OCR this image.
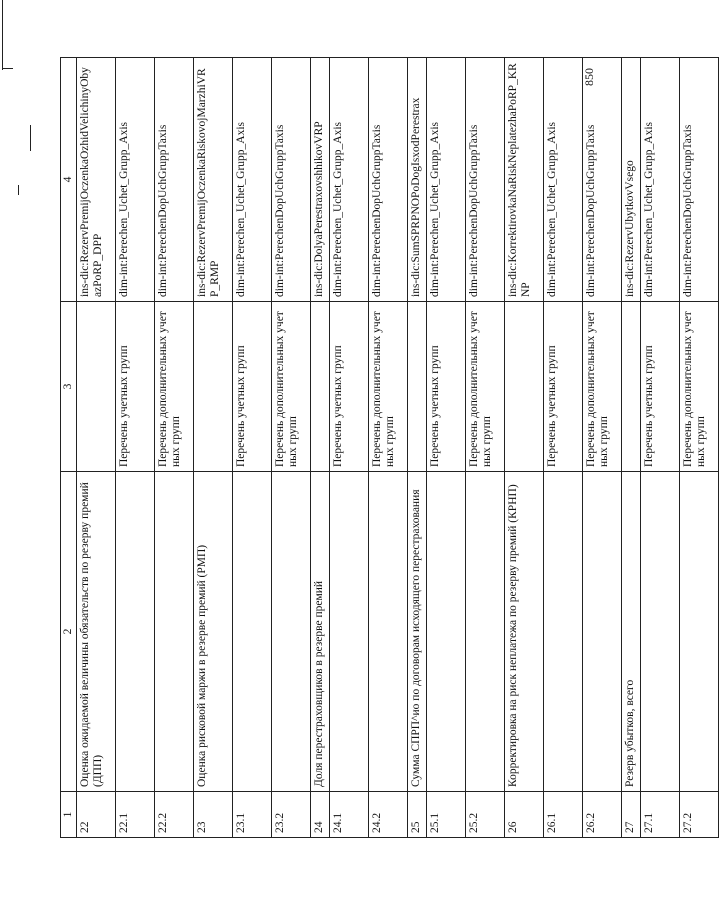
850
1	2	3	4
22	Оценка ожидаемой величины обязательств по резерву премий (ДПП)		ins-dic:RezervPremijOczenkaOzhidVelichinyObyazPoRP_DPP
22.1		Перечень учетных групп	dim-int:Perechen_Uchet_Grupp_Axis
22.2		Перечень дополнительных учетных групп	dim-int:PerechenDopUchGruppTaxis
23	Оценка рисковой маржи в резерве премий (РМП)		ins-dic:RezervPremijOczenkaRiskovojMarzhiVRP_RMP
23.1		Перечень учетных групп	dim-int:Perechen_Uchet_Grupp_Axis
23.2		Перечень дополнительных учетных групп	dim-int:PerechenDopUchGruppTaxis
24	Доля перестраховщиков в резерве премий		ins-dic:DolyaPerestraxovshhikovVRP
24.1		Перечень учетных групп	dim-int:Perechen_Uchet_Grupp_Axis
24.2		Перечень дополнительных учетных групп	dim-int:PerechenDopUchGruppTaxis
25	Сумма СПРП^ио по договорам исходящего перестрахования		ins-dic:SumSPRPNOPoDogIsxodPerestrax
25.1		Перечень учетных групп	dim-int:Perechen_Uchet_Grupp_Axis
25.2		Перечень дополнительных учетных групп	dim-int:PerechenDopUchGruppTaxis
26	Корректировка на риск неплатежа по резерву премий (КРНП)		ins-dic:KorrektirovkaNaRiskNeplatezhaPoRP_KRNP
26.1		Перечень учетных групп	dim-int:Perechen_Uchet_Grupp_Axis
26.2		Перечень дополнительных учетных групп	dim-int:PerechenDopUchGruppTaxis
27	Резерв убытков, всего		ins-dic:RezervUbytkovVsego
27.1		Перечень учетных групп	dim-int:Perechen_Uchet_Grupp_Axis
27.2		Перечень дополнительных учетных групп	dim-int:PerechenDopUchGruppTaxis
